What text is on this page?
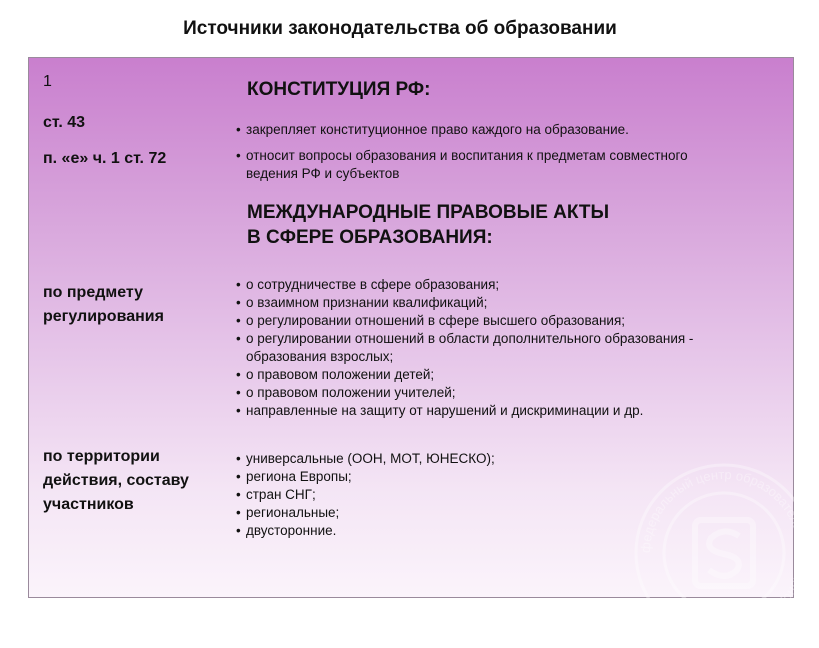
Источники законодательства об образовании
федеральный центр образовательного законодательства
1
ст. 43
п. «е» ч. 1 ст. 72
по предмету
регулирования
по территории
действия, составу
участников
КОНСТИТУЦИЯ РФ:
• закрепляет конституционное право каждого на образование.
• относит вопросы образования и воспитания к предметам совместного ведения РФ и субъектов
МЕЖДУНАРОДНЫЕ ПРАВОВЫЕ АКТЫ
В СФЕРЕ ОБРАЗОВАНИЯ:
• о сотрудничестве в сфере образования;
• о взаимном признании квалификаций;
• о регулировании отношений в сфере высшего образования;
• о регулировании отношений в области дополнительного образования - образования взрослых;
• о правовом положении детей;
• о правовом положении учителей;
• направленные на защиту от нарушений и дискриминации и др.
• универсальные (ООН, МОТ, ЮНЕСКО);
• региона Европы;
• стран СНГ;
• региональные;
• двусторонние.
